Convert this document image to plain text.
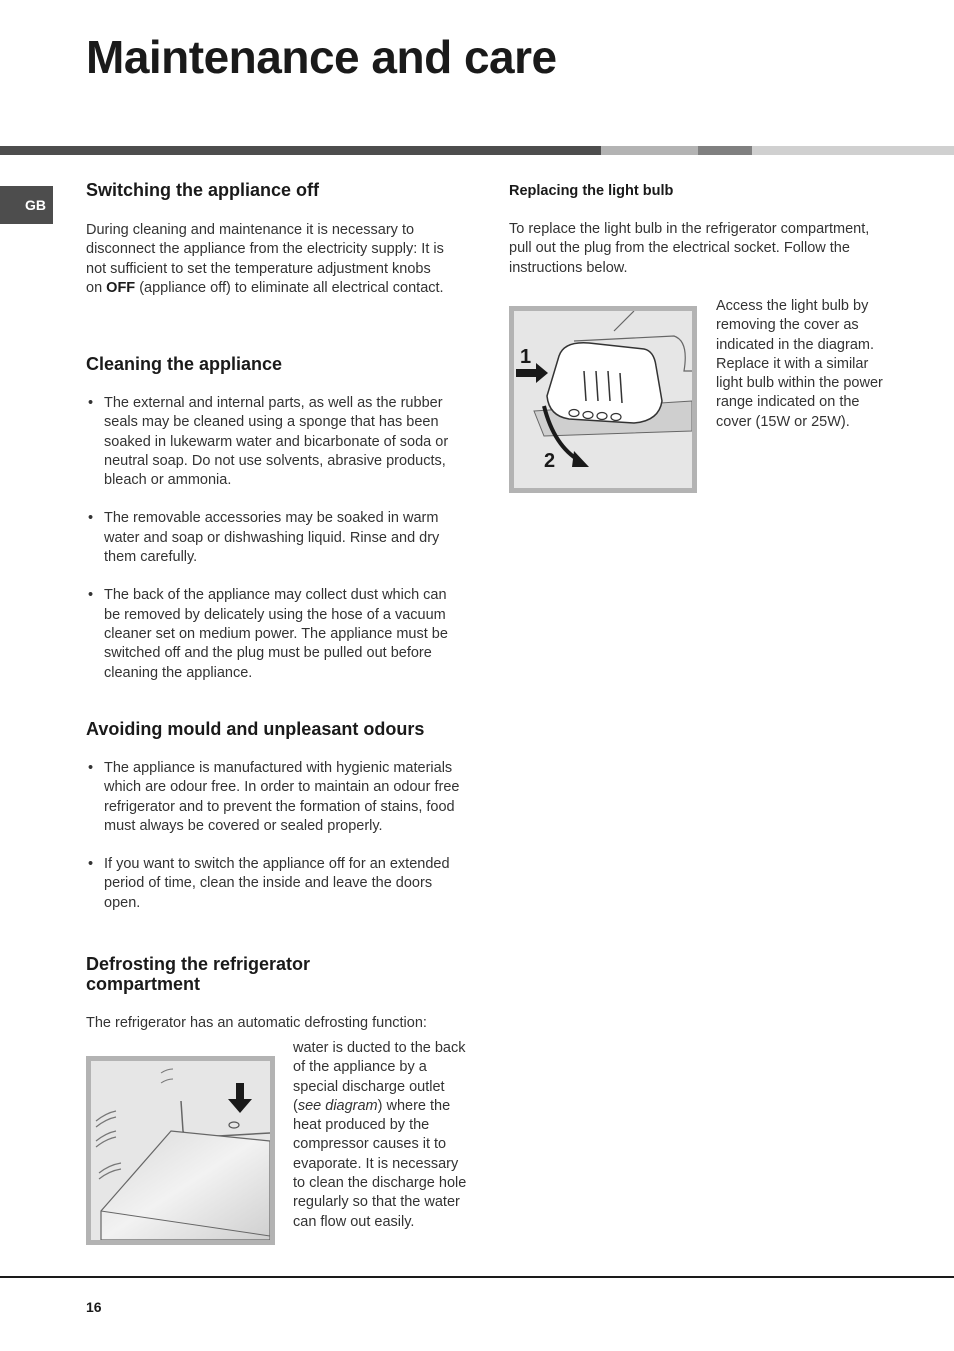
Maintenance and care
GB
Switching the appliance off

During cleaning and maintenance it is necessary to disconnect the appliance from the electricity supply: It is not sufficient to set the temperature adjustment knobs on OFF (appliance off) to eliminate all electrical contact.

Cleaning the appliance
• The external and internal parts, as well as the rubber seals may be cleaned using a sponge that has been soaked in lukewarm water and bicarbonate of soda or neutral soap. Do not use solvents, abrasive products, bleach or ammonia.
• The removable accessories may be soaked in warm water and soap or dishwashing liquid. Rinse and dry them carefully.
• The back of the appliance may collect dust which can be removed by delicately using the hose of a vacuum cleaner set on medium power. The appliance must be switched off and the plug must be pulled out before cleaning the appliance.
Avoiding mould and unpleasant odours
• The appliance is manufactured with hygienic materials which are odour free. In order to maintain an odour free refrigerator and to prevent the formation of stains, food must always be covered or sealed properly.
• If you want to switch the appliance off for an extended period of time, clean the inside and leave the doors open.
Defrosting the refrigerator compartment

The refrigerator has an automatic defrosting function:

water is ducted to the back of the appliance by a special discharge outlet (see diagram) where the heat produced by the compressor causes it to evaporate. It is necessary to clean the discharge hole regularly so that the water can flow out easily.

Replacing the light bulb

To replace the light bulb in the refrigerator compartment, pull out the plug from the electrical socket. Follow the instructions below.

Access the light bulb by removing the cover as indicated in the diagram. Replace it with a similar light bulb within the power range indicated on the cover (15W or 25W).

1
2
16
